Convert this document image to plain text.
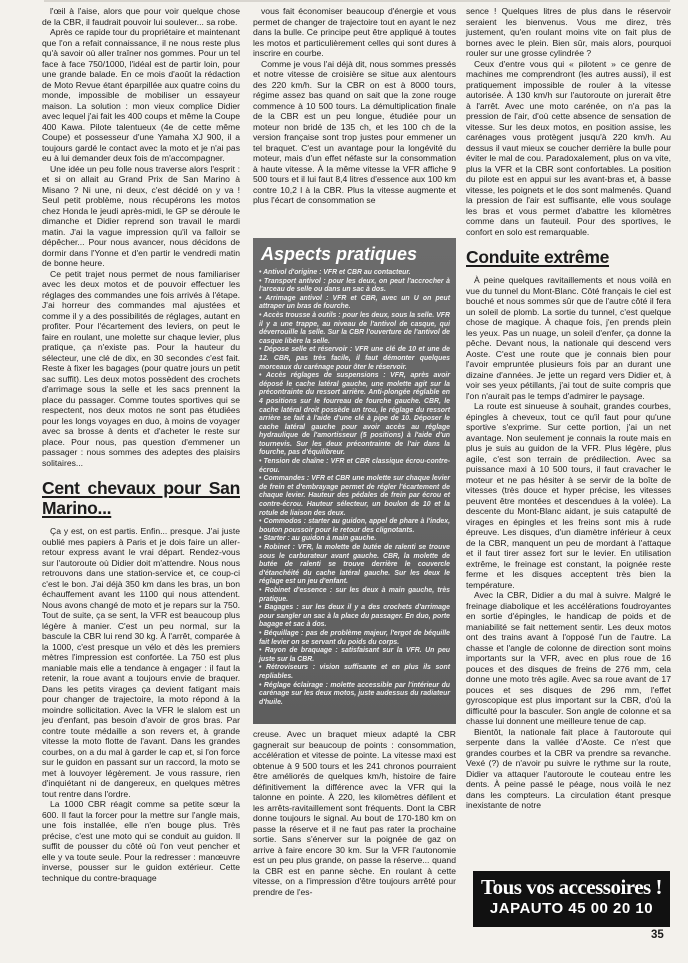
l'œil à l'aise, alors que pour voir quelque chose de la CBR, il faudrait pouvoir lui soulever... sa robe.

Après ce rapide tour du propriétaire et maintenant que l'on a refait connaissance, il ne nous reste plus qu'à savoir où aller traîner nos gommes. Pour un tel face à face 750/1000, l'idéal est de partir loin, pour une grande balade. En ce mois d'août la rédaction de Moto Revue étant éparpillée aux quatre coins du monde, impossible de mobiliser un essayeur maison. La solution : mon vieux complice Didier avec lequel j'ai fait les 400 coups et même la Coupe 400 Kawa. Pilote talentueux (4e de cette même Coupe) et possesseur d'une Yamaha XJ 900, il a toujours gardé le contact avec la moto et je n'ai pas eu à lui demander deux fois de m'accompagner.

Une idée un peu folle nous traverse alors l'esprit : et si on allait au Grand Prix de San Marino à Misano ? Ni une, ni deux, c'est décidé on y va ! Seul petit problème, nous récupérons les motos chez Honda le jeudi après-midi, le GP se déroule le dimanche et Didier reprend son travail le mardi matin. J'ai la vague impression qu'il va falloir se dépêcher... Pour nous avancer, nous décidons de dormir dans l'Yonne et d'en partir le vendredi matin de bonne heure.

Ce petit trajet nous permet de nous familiariser avec les deux motos et de pouvoir effectuer les réglages des commandes une fois arrivés à l'étape. J'ai horreur des commandes mal ajustées et comme il y a des possibilités de réglages, autant en profiter. Pour l'écartement des leviers, on peut le faire en roulant, une molette sur chaque levier, plus pratique, ça n'existe pas. Pour la hauteur du sélecteur, une clé de dix, en 30 secondes c'est fait. Reste à fixer les bagages (pour quatre jours un petit sac suffit). Les deux motos possèdent des crochets d'arrimage sous la selle et les sacs prennent la place du passager. Comme toutes sportives qui se respectent, nos deux motos ne sont pas étudiées pour les longs voyages en duo, à moins de voyager avec sa brosse à dents et d'acheter le reste sur place. Pour nous, pas question d'emmener un passager : nous sommes des adeptes des plaisirs solitaires...

Cent chevaux pour San Marino...

Ça y est, on est partis. Enfin... presque. J'ai juste oublié mes papiers à Paris et je dois faire un aller-retour express avant le vrai départ. Rendez-vous sur l'autoroute où Didier doit m'attendre. Nous nous retrouvons dans une station-service et, ce coup-ci c'est le bon. J'ai déjà 350 km dans les bras, un bon échauffement avant les 1100 qui nous attendent. Nous avons changé de moto et je repars sur la 750. Tout de suite, ça se sent, la VFR est beaucoup plus légère à manier. C'est un peu normal, sur la bascule la CBR lui rend 30 kg. À l'arrêt, comparée à la 1000, c'est presque un vélo et dès les premiers mètres l'impression est confortée. La 750 est plus maniable mais elle a tendance à engager : il faut la retenir, la roue avant a toujours envie de braquer. Dans les petits virages ça devient fatigant mais pour changer de trajectoire, la moto répond à la moindre sollicitation. Avec la VFR le slalom est un jeu d'enfant, pas besoin d'avoir de gros bras. Par contre toute médaille a son revers et, à grande vitesse la moto flotte de l'avant. Dans les grandes courbes, on a du mal à garder le cap et, si l'on force sur le guidon en passant sur un raccord, la moto se met à louvoyer légèrement. Je vous rassure, rien d'inquiétant ni de dangereux, en quelques mètres tout rentre dans l'ordre.

La 1000 CBR réagit comme sa petite sœur la 600. Il faut la forcer pour la mettre sur l'angle mais, une fois installée, elle n'en bouge plus. Très précise, c'est une moto qui se conduit au guidon. Il suffit de pousser du côté où l'on veut pencher et elle y va toute seule. Pour la redresser : manœuvre inverse, pousser sur le guidon extérieur. Cette technique du contre-braquage

vous fait économiser beaucoup d'énergie et vous permet de changer de trajectoire tout en ayant le nez dans la bulle. Ce principe peut être appliqué à toutes les motos et particulièrement celles qui sont dures à inscrire en courbe.

Comme je vous l'ai déjà dit, nous sommes pressés et notre vitesse de croisière se situe aux alentours des 220 km/h. Sur la CBR on est à 8000 tours, régime assez bas quand on sait que la zone rouge commence à 10 500 tours. La démultiplication finale de la CBR est un peu longue, étudiée pour un moteur non bridé de 135 ch, et les 100 ch de la version française sont trop justes pour emmener un tel braquet. C'est un avantage pour la longévité du moteur, mais d'un effet néfaste sur la consommation à haute vitesse. À la même vitesse la VFR affiche 9 500 tours et il lui faut 8,4 litres d'essence aux 100 km contre 10,2 l à la CBR. Plus la vitesse augmente et plus l'écart de consommation se

Aspects pratiques
• Antivol d'origine : VFR et CBR au contacteur.
• Transport antivol : pour les deux, on peut l'accrocher à l'arceau de selle ou dans un sac à dos.
• Arrimage antivol : VFR et CBR, avec un U on peut attraper un bras de fourche.
• Accès trousse à outils : pour les deux, sous la selle. VFR il y a une trappe, au niveau de l'antivol de casque, qui déverrouille la selle. Sur la CBR l'ouverture de l'antivol de casque libère la selle.
• Dépose selle et réservoir : VFR une clé de 10 et une de 12. CBR, pas très facile, il faut démonter quelques morceaux du carénage pour ôter le réservoir.
• Accès réglages de suspensions : VFR, après avoir déposé le cache latéral gauche, une molette agit sur la précontrainte du ressort arrière. Anti-plongée réglable en 4 positions sur le fourreau de fourche gauche. CBR, le cache latéral droit possède un trou, le réglage du ressort arrière se fait à l'aide d'une clé à pipe de 10. Déposer le cache latéral gauche pour avoir accès au réglage hydraulique de l'amortisseur (5 positions) à l'aide d'un tournevis. Sur les deux précontrainte de l'air dans la fourche, pas d'équilibreur.
• Tension de chaîne : VFR et CBR classique écrou-contre-écrou.
• Commandes : VFR et CBR une molette sur chaque levier de frein et d'embrayage permet de régler l'écartement de chaque levier. Hauteur des pédales de frein par écrou et contre-écrou. Hauteur sélecteur, un boulon de 10 et la rotule de liaison des deux.
• Commodos : starter au guidon, appel de phare à l'index, bouton poussoir pour le retour des clignotants.
• Starter : au guidon à main gauche.
• Robinet : VFR, la molette de butée de ralenti se trouve sous le carburateur avant gauche. CBR, la molette de butée de ralenti se trouve derrière le couvercle d'étanchéité du cache latéral gauche. Sur les deux le réglage est un jeu d'enfant.
• Robinet d'essence : sur les deux à main gauche, très pratique.
• Bagages : sur les deux il y a des crochets d'arrimage pour sangler un sac à la place du passager. En duo, porte bagage et sac à dos.
• Béquillage : pas de problème majeur, l'ergot de béquille fait levier on se servant du poids du corps.
• Rayon de braquage : satisfaisant sur la VFR. Un peu juste sur la CBR.
• Rétroviseurs : vision suffisante et en plus ils sont repliables.
• Réglage éclairage : molette accessible par l'intérieur du carénage sur les deux motos, juste audessus du radiateur d'huile.

creuse. Avec un braquet mieux adapté la CBR gagnerait sur beaucoup de points : consommation, accélération et vitesse de pointe. La vitesse maxi est obtenue à 9 500 tours et les 241 chronos pourraient être améliorés de quelques km/h, histoire de faire définitivement la différence avec la VFR qui la talonne en pointe. À 220, les kilomètres défilent et les arrêts-ravitaillement sont fréquents. Dont la CBR donne toujours le signal. Au bout de 170-180 km on passe la réserve et il ne faut pas rater la prochaine sortie. Sans s'énerver sur la poignée de gaz on arrive à faire encore 30 km. Sur la VFR l'autonomie est un peu plus grande, on passe la réserve... quand la CBR est en panne sèche. En roulant à cette vitesse, on a l'impression d'être toujours arrêté pour prendre de l'es-

sence ! Quelques litres de plus dans le réservoir seraient les bienvenus. Vous me direz, très justement, qu'en roulant moins vite on fait plus de bornes avec le plein. Bien sûr, mais alors, pourquoi rouler sur une grosse cylindrée ?

Ceux d'entre vous qui « pilotent » ce genre de machines me comprendront (les autres aussi), il est pratiquement impossible de rouler à la vitesse autorisée. À 130 km/h sur l'autoroute on jurerait être à l'arrêt. Avec une moto carénée, on n'a pas la pression de l'air, d'où cette absence de sensation de vitesse. Sur les deux motos, en position assise, les carénages vous protègent jusqu'à 220 km/h. Au dessus il vaut mieux se coucher derrière la bulle pour éviter le mal de cou. Paradoxalement, plus on va vite, plus la VFR et la CBR sont confortables. La position du pilote est en appui sur les avant-bras et, à basse vitesse, les poignets et le dos sont malmenés. Quand la pression de l'air est suffisante, elle vous soulage les bras et vous permet d'abattre les kilomètres comme dans un fauteuil. Pour des sportives, le confort en solo est remarquable.

Conduite extrême

À peine quelques ravitaillements et nous voilà en vue du tunnel du Mont-Blanc. Côté français le ciel est bouché et nous sommes sûr que de l'autre côté il fera un soleil de plomb. La sortie du tunnel, c'est quelque chose de magique. À chaque fois, j'en prends plein les yeux. Pas un nuage, un soleil d'enfer, ça donne la pêche. Devant nous, la nationale qui descend vers Aoste. C'est une route que je connais bien pour l'avoir empruntée plusieurs fois par an durant une dizaine d'années. Je jette un regard vers Didier et, à voir ses yeux pétillants, j'ai tout de suite compris que l'on n'aurait pas le temps d'admirer le paysage.

La route est sinueuse à souhait, grandes courbes, épingles à cheveux, tout ce qu'il faut pour qu'une sportive s'exprime. Sur cette portion, j'ai un net avantage. Non seulement je connais la route mais en plus je suis au guidon de la VFR. Plus légère, plus agile, c'est son terrain de prédilection. Avec sa puissance maxi à 10 500 tours, il faut cravacher le moteur et ne pas hésiter à se servir de la boîte de vitesses (très douce et hyper précise, les vitesses peuvent être montées et descendues à la volée). La descente du Mont-Blanc aidant, je suis catapulté de virages en épingles et les freins sont mis à rude épreuve. Les disques, d'un diamètre inférieur à ceux de la CBR, manquent un peu de mordant à l'attaque et il faut tirer assez fort sur le levier. En utilisation extrême, le freinage est constant, la poignée reste ferme et les disques acceptent très bien la température.

Avec la CBR, Didier a du mal à suivre. Malgré le freinage diabolique et les accélérations foudroyantes en sortie d'épingles, le handicap de poids et de maniabilité se fait nettement sentir. Les deux motos ont des trains avant à l'opposé l'un de l'autre. La chasse et l'angle de colonne de direction sont moins importants sur la VFR, avec en plus roue de 16 pouces et des disques de freins de 276 mm, cela donne une moto très agile. Avec sa roue avant de 17 pouces et ses disques de 296 mm, l'effet gyroscopique est plus important sur la CBR, d'où la difficulté pour la basculer. Son angle de colonne et sa chasse lui donnent une meilleure tenue de cap.

Bientôt, la nationale fait place à l'autoroute qui serpente dans la vallée d'Aoste. Ce n'est que grandes courbes et la CBR va prendre sa revanche. Vexé (?) de n'avoir pu suivre le rythme sur la route, Didier va attaquer l'autoroute le couteau entre les dents. À peine passé le péage, nous voilà le nez dans les compteurs. La circulation étant presque inexistante de notre

Tous vos accessoires !
JAPAUTO 45 00 20 10
35
